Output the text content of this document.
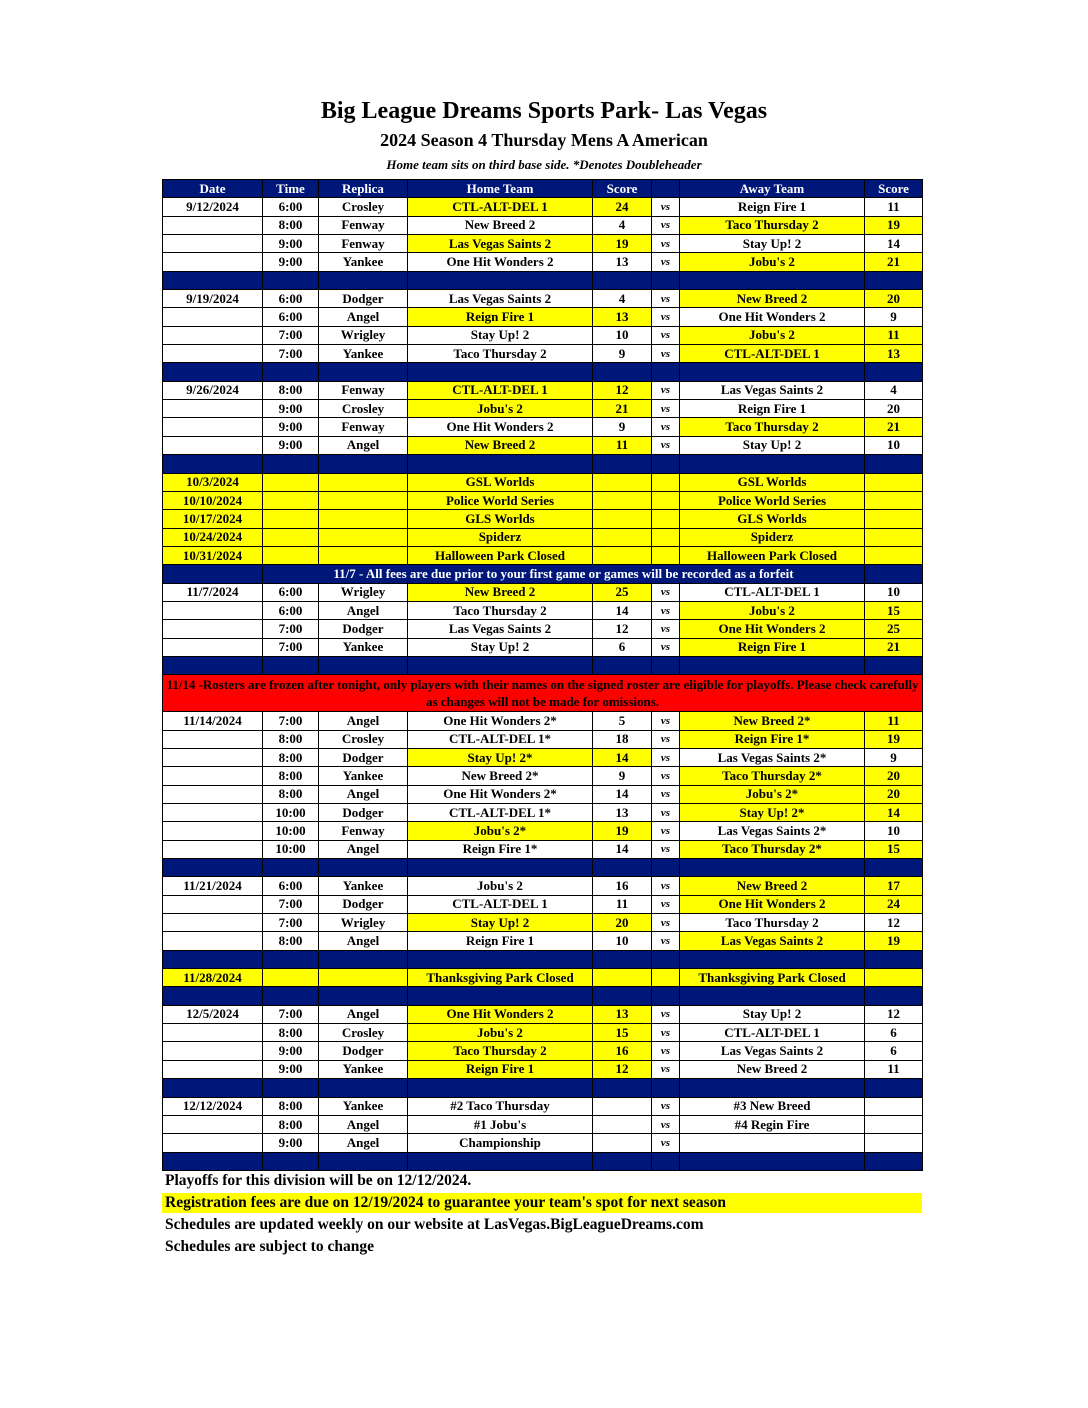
Big League Dreams Sports Park- Las Vegas
2024 Season 4 Thursday Mens A American
Home team sits on third base side. *Denotes Doubleheader
Date	Time	Replica	Home Team	Score		Away Team	Score
9/12/2024	6:00	Crosley	CTL-ALT-DEL 1	24	vs	Reign Fire 1	11
	8:00	Fenway	New Breed 2	4	vs	Taco Thursday 2	19
	9:00	Fenway	Las Vegas Saints 2	19	vs	Stay Up! 2	14
	9:00	Yankee	One Hit Wonders 2	13	vs	Jobu's 2	21

9/19/2024	6:00	Dodger	Las Vegas Saints 2	4	vs	New Breed 2	20
	6:00	Angel	Reign Fire 1	13	vs	One Hit Wonders 2	9
	7:00	Wrigley	Stay Up! 2	10	vs	Jobu's 2	11
	7:00	Yankee	Taco Thursday 2	9	vs	CTL-ALT-DEL 1	13

9/26/2024	8:00	Fenway	CTL-ALT-DEL 1	12	vs	Las Vegas Saints 2	4
	9:00	Crosley	Jobu's 2	21	vs	Reign Fire 1	20
	9:00	Fenway	One Hit Wonders 2	9	vs	Taco Thursday 2	21
	9:00	Angel	New Breed 2	11	vs	Stay Up! 2	10

10/3/2024			GSL Worlds			GSL Worlds	
10/10/2024			Police World Series			Police World Series	
10/17/2024			GLS Worlds			GLS Worlds	
10/24/2024			Spiderz			Spiderz	
10/31/2024			Halloween Park Closed			Halloween Park Closed	
	11/7 - All fees are due prior to your first game or games will be recorded as a forfeit						
11/7/2024	6:00	Wrigley	New Breed 2	25	vs	CTL-ALT-DEL 1	10
	6:00	Angel	Taco Thursday 2	14	vs	Jobu's 2	15
	7:00	Dodger	Las Vegas Saints 2	12	vs	One Hit Wonders 2	25
	7:00	Yankee	Stay Up! 2	6	vs	Reign Fire 1	21

11/14 -Rosters are frozen after tonight, only players with their names on the signed roster are eligible for playoffs. Please check carefully as changes will not be made for omissions.							
11/14/2024	7:00	Angel	One Hit Wonders 2*	5	vs	New Breed 2*	11
	8:00	Crosley	CTL-ALT-DEL 1*	18	vs	Reign Fire 1*	19
	8:00	Dodger	Stay Up! 2*	14	vs	Las Vegas Saints 2*	9
	8:00	Yankee	New Breed 2*	9	vs	Taco Thursday 2*	20
	8:00	Angel	One Hit Wonders 2*	14	vs	Jobu's 2*	20
	10:00	Dodger	CTL-ALT-DEL 1*	13	vs	Stay Up! 2*	14
	10:00	Fenway	Jobu's 2*	19	vs	Las Vegas Saints 2*	10
	10:00	Angel	Reign Fire 1*	14	vs	Taco Thursday 2*	15

11/21/2024	6:00	Yankee	Jobu's 2	16	vs	New Breed 2	17
	7:00	Dodger	CTL-ALT-DEL 1	11	vs	One Hit Wonders 2	24
	7:00	Wrigley	Stay Up! 2	20	vs	Taco Thursday 2	12
	8:00	Angel	Reign Fire 1	10	vs	Las Vegas Saints 2	19

11/28/2024			Thanksgiving Park Closed			Thanksgiving Park Closed	

12/5/2024	7:00	Angel	One Hit Wonders 2	13	vs	Stay Up! 2	12
	8:00	Crosley	Jobu's 2	15	vs	CTL-ALT-DEL 1	6
	9:00	Dodger	Taco Thursday 2	16	vs	Las Vegas Saints 2	6
	9:00	Yankee	Reign Fire 1	12	vs	New Breed 2	11

12/12/2024	8:00	Yankee	#2 Taco Thursday		vs	#3 New Breed	
	8:00	Angel	#1 Jobu's		vs	#4 Regin Fire	
	9:00	Angel	Championship		vs		

Playoffs for this division will be on 12/12/2024.
Registration fees are due on 12/19/2024 to guarantee your team's spot for next season
Schedules are updated weekly on our website at LasVegas.BigLeagueDreams.com
Schedules are subject to change
